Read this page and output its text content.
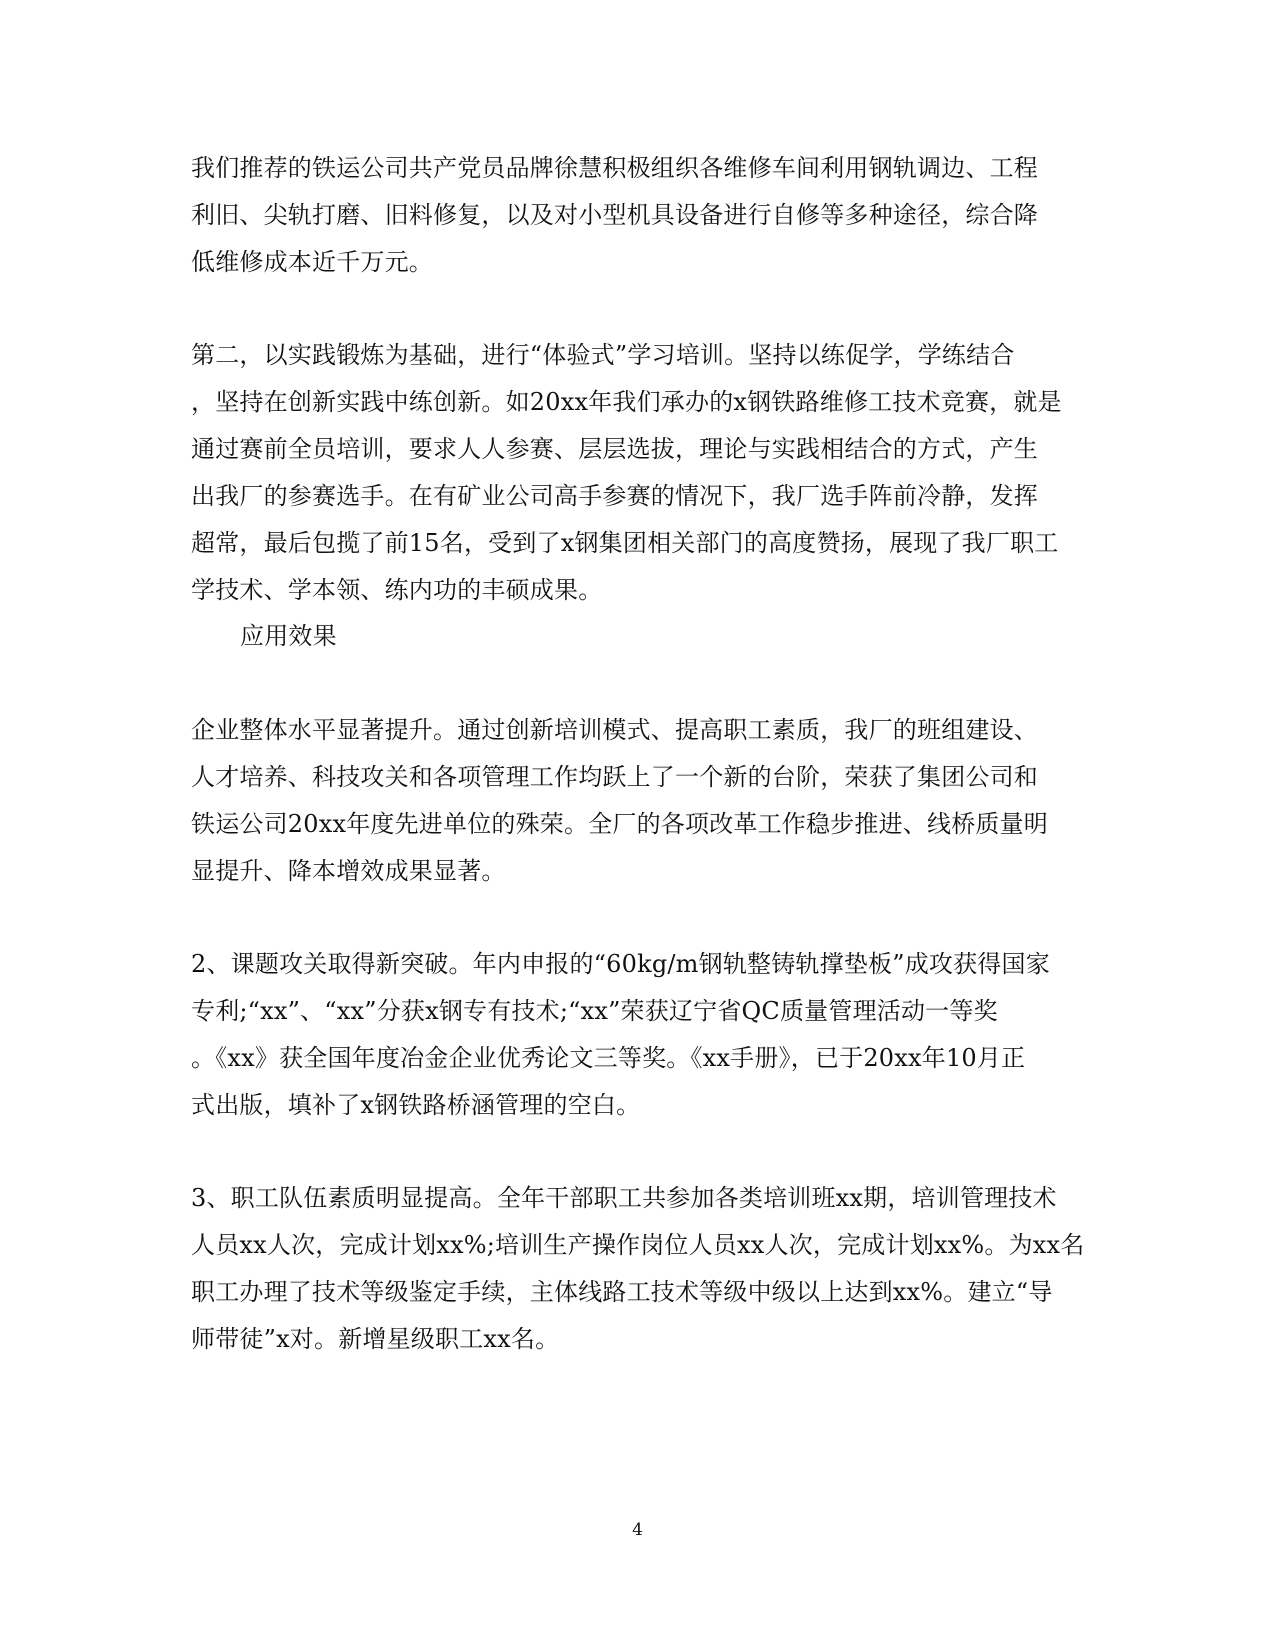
我们推荐的铁运公司共产党员品牌徐慧积极组织各维修车间利用钢轨调边、工程
利旧、尖轨打磨、旧料修复，以及对小型机具设备进行自修等多种途径，综合降
低维修成本近千万元。
第二，以实践锻炼为基础，进行“体验式”学习培训。坚持以练促学，学练结合
，坚持在创新实践中练创新。如20xx年我们承办的x钢铁路维修工技术竞赛，就是
通过赛前全员培训，要求人人参赛、层层选拔，理论与实践相结合的方式，产生
出我厂的参赛选手。在有矿业公司高手参赛的情况下，我厂选手阵前冷静，发挥
超常，最后包揽了前15名，受到了x钢集团相关部门的高度赞扬，展现了我厂职工
学技术、学本领、练内功的丰硕成果。
应用效果
企业整体水平显著提升。通过创新培训模式、提高职工素质，我厂的班组建设、
人才培养、科技攻关和各项管理工作均跃上了一个新的台阶，荣获了集团公司和
铁运公司20xx年度先进单位的殊荣。全厂的各项改革工作稳步推进、线桥质量明
显提升、降本增效成果显著。
2、课题攻关取得新突破。年内申报的“60kg/m钢轨整铸轨撑垫板”成攻获得国家
专利;“xx”、“xx”分获x钢专有技术;“xx”荣获辽宁省QC质量管理活动一等奖
。《xx》获全国年度冶金企业优秀论文三等奖。《xx手册》，已于20xx年10月正
式出版，填补了x钢铁路桥涵管理的空白。
3、职工队伍素质明显提高。全年干部职工共参加各类培训班xx期，培训管理技术
人员xx人次，完成计划xx%;培训生产操作岗位人员xx人次，完成计划xx%。为xx名
职工办理了技术等级鉴定手续，主体线路工技术等级中级以上达到xx%。建立“导
师带徒”x对。新增星级职工xx名。
4
